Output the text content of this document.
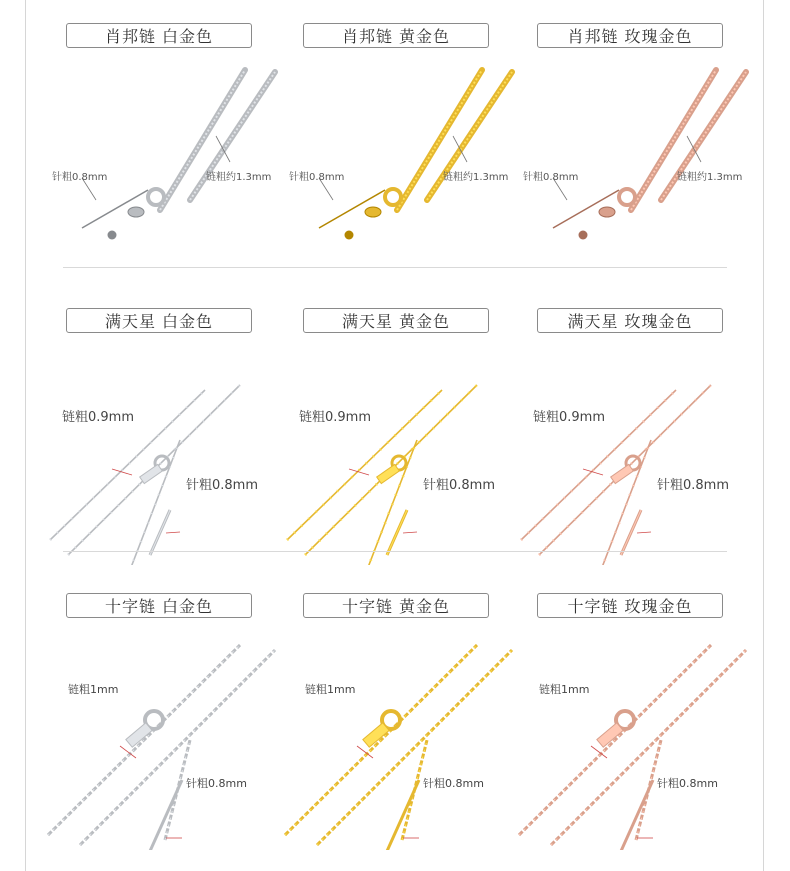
肖邦链 白金色
针粗0.8mm	链粗约1.3mm
肖邦链 黄金色
针粗0.8mm	链粗约1.3mm
肖邦链 玫瑰金色
针粗0.8mm	链粗约1.3mm
满天星 白金色
链粗0.9mm
针粗0.8mm
满天星 黄金色
链粗0.9mm
针粗0.8mm
满天星 玫瑰金色
链粗0.9mm
针粗0.8mm
十字链 白金色
链粗1mm
针粗0.8mm
十字链 黄金色
链粗1mm
针粗0.8mm
十字链 玫瑰金色
链粗1mm
针粗0.8mm
